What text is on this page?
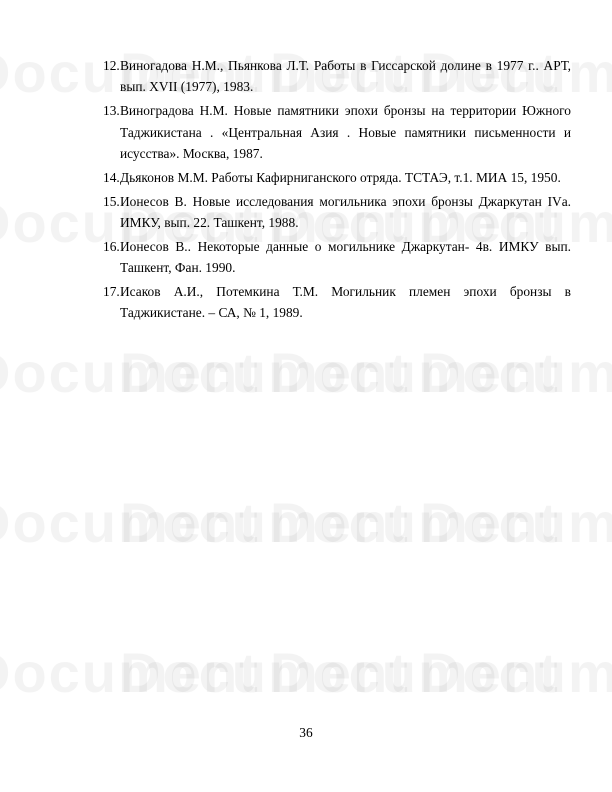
12. Виногадова Н.М., Пьянкова Л.Т. Работы в Гиссарской долине в 1977 г.. АРТ, вып. XVII (1977), 1983.
13. Виноградова Н.М. Новые памятники эпохи бронзы на территории Южного Таджикистана . «Центральная Азия . Новые памятники письменности и исусства». Москва, 1987.
14. Дьяконов М.М. Работы Кафирниганского отряда. ТСТАЭ, т.1. МИА 15, 1950.
15. Ионесов В. Новые исследования могильника эпохи бронзы Джаркутан IVа. ИМКУ, вып. 22. Ташкент, 1988.
16. Ионесов В.. Некоторые данные о могильнике Джаркутан- 4в. ИМКУ вып. Ташкент, Фан. 1990.
17. Исаков А.И., Потемкина Т.М. Могильник племен эпохи бронзы в Таджикистане. – СА, № 1, 1989.
36
